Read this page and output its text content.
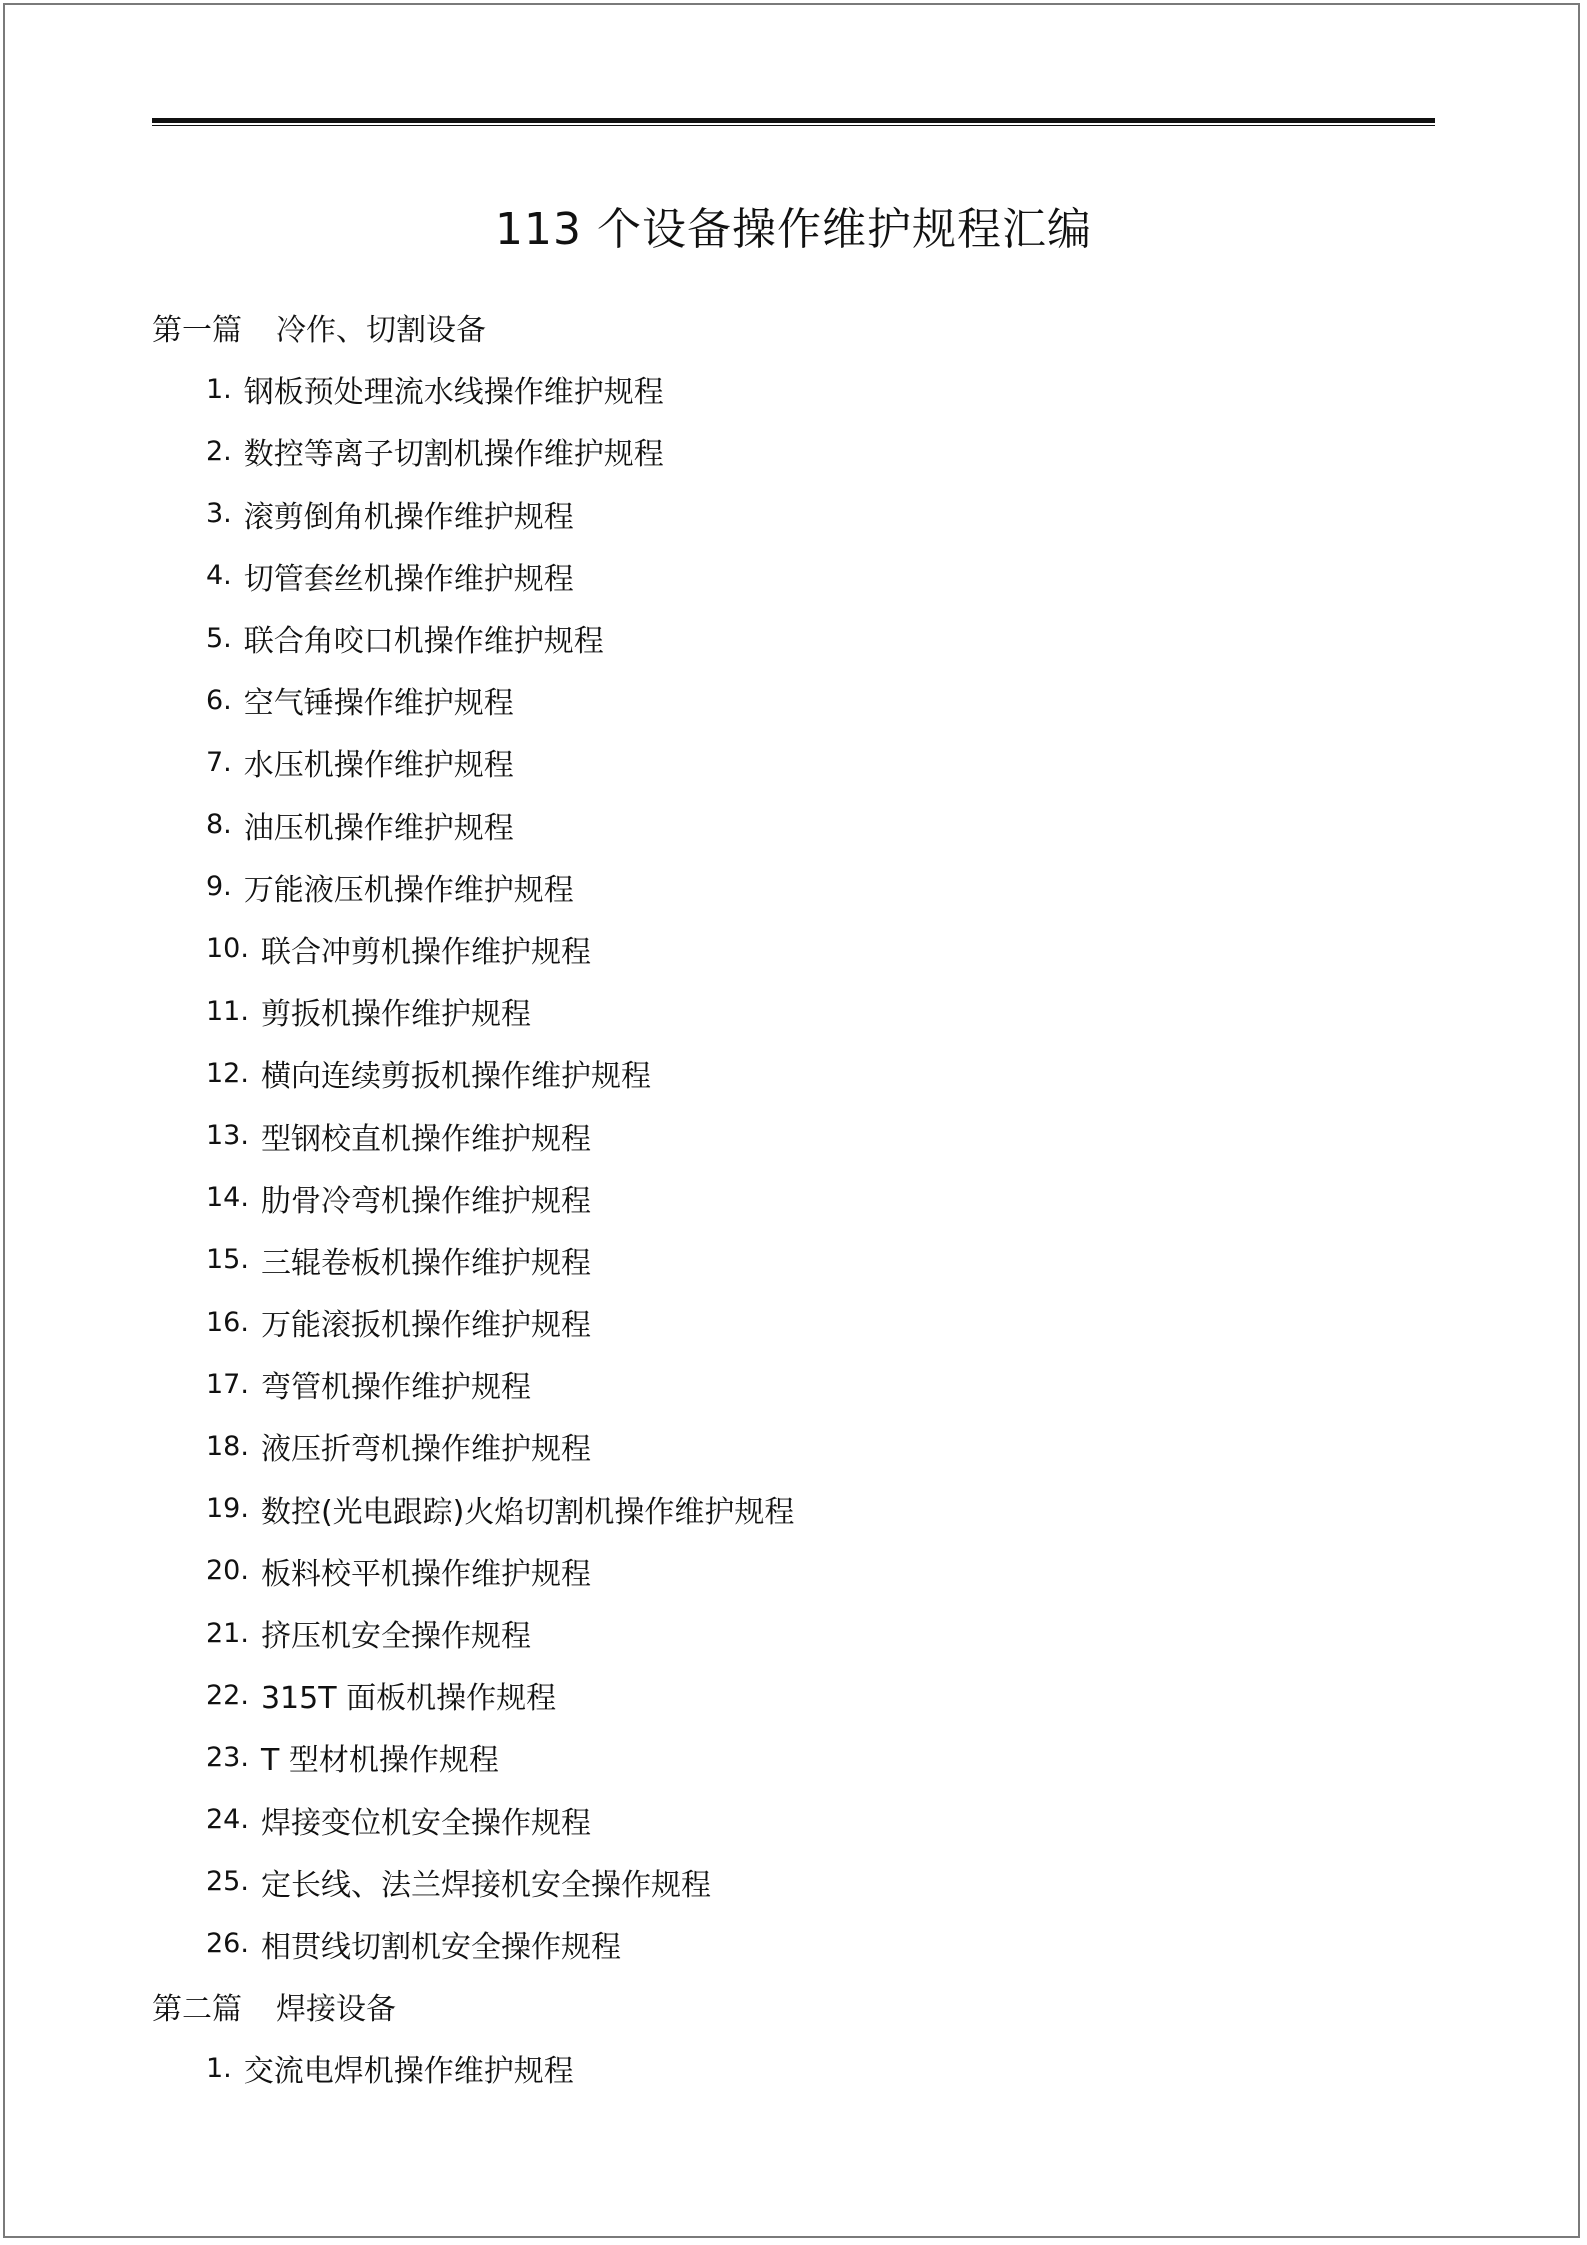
113 个设备操作维护规程汇编
第一篇	冷作、切割设备
1. 钢板预处理流水线操作维护规程
2. 数控等离子切割机操作维护规程
3. 滚剪倒角机操作维护规程
4. 切管套丝机操作维护规程
5. 联合角咬口机操作维护规程
6. 空气锤操作维护规程
7. 水压机操作维护规程
8. 油压机操作维护规程
9. 万能液压机操作维护规程
10. 联合冲剪机操作维护规程
11. 剪扳机操作维护规程
12. 横向连续剪扳机操作维护规程
13. 型钢校直机操作维护规程
14. 肋骨冷弯机操作维护规程
15. 三辊卷板机操作维护规程
16. 万能滚扳机操作维护规程
17. 弯管机操作维护规程
18. 液压折弯机操作维护规程
19. 数控(光电跟踪)火焰切割机操作维护规程
20. 板料校平机操作维护规程
21. 挤压机安全操作规程
22. 315T 面板机操作规程
23. T 型材机操作规程
24. 焊接变位机安全操作规程
25. 定长线、法兰焊接机安全操作规程
26. 相贯线切割机安全操作规程
第二篇	焊接设备
1. 交流电焊机操作维护规程
